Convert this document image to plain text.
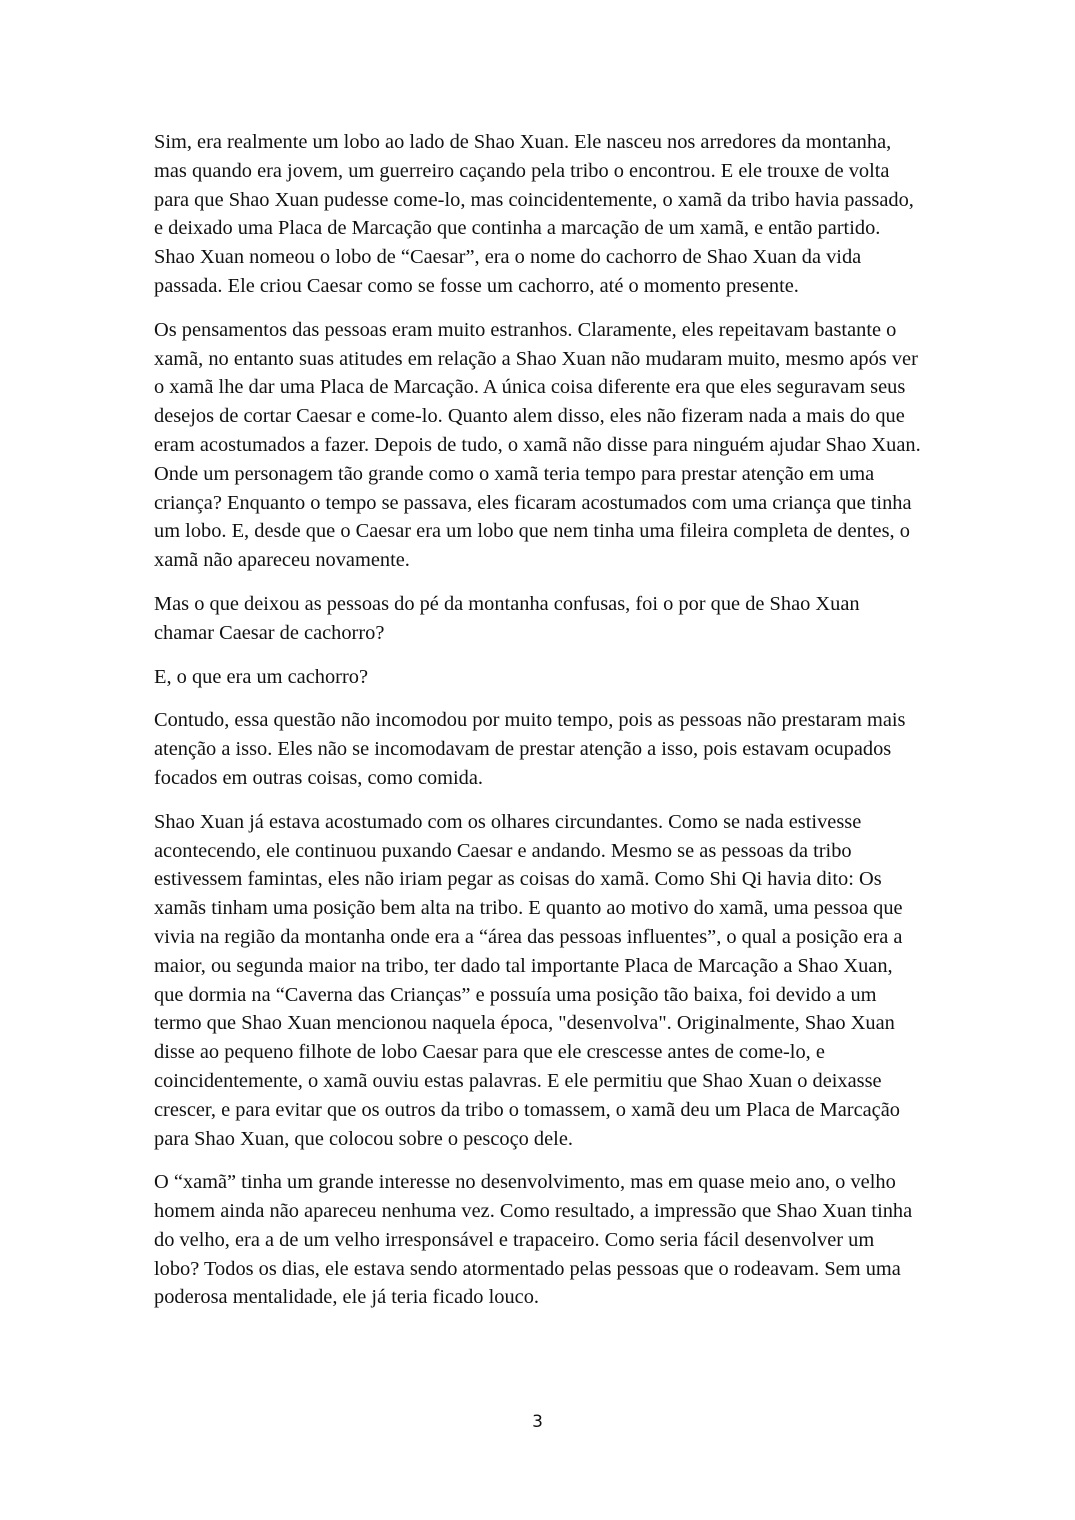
Sim, era realmente um lobo ao lado de Shao Xuan. Ele nasceu nos arredores da montanha, mas quando era jovem, um guerreiro caçando pela tribo o encontrou. E ele trouxe de volta para que Shao Xuan pudesse come-lo, mas coincidentemente, o xamã da tribo havia passado, e deixado uma Placa de Marcação que continha a marcação de um xamã, e então partido. Shao Xuan nomeou o lobo de “Caesar”, era o nome do cachorro de Shao Xuan da vida passada. Ele criou Caesar como se fosse um cachorro, até o momento presente.

Os pensamentos das pessoas eram muito estranhos. Claramente, eles repeitavam bastante o xamã, no entanto suas atitudes em relação a Shao Xuan não mudaram muito, mesmo após ver o xamã lhe dar uma Placa de Marcação. A única coisa diferente era que eles seguravam seus desejos de cortar Caesar e come-lo. Quanto alem disso, eles não fizeram nada a mais do que eram acostumados a fazer. Depois de tudo, o xamã não disse para ninguém ajudar Shao Xuan. Onde um personagem tão grande como o xamã teria tempo para prestar atenção em uma criança? Enquanto o tempo se passava, eles ficaram acostumados com uma criança que tinha um lobo. E, desde que o Caesar era um lobo que nem tinha uma fileira completa de dentes, o xamã não apareceu novamente.

Mas o que deixou as pessoas do pé da montanha confusas, foi o por que de Shao Xuan chamar Caesar de cachorro?

E, o que era um cachorro?

Contudo, essa questão não incomodou por muito tempo, pois as pessoas não prestaram mais atenção a isso. Eles não se incomodavam de prestar atenção a isso, pois estavam ocupados focados em outras coisas, como comida.

Shao Xuan já estava acostumado com os olhares circundantes. Como se nada estivesse acontecendo, ele continuou puxando Caesar e andando. Mesmo se as pessoas da tribo estivessem famintas, eles não iriam pegar as coisas do xamã. Como Shi Qi havia dito: Os xamãs tinham uma posição bem alta na tribo. E quanto ao motivo do xamã, uma pessoa que vivia na região da montanha onde era a “área das pessoas influentes”, o qual a posição era a maior, ou segunda maior na tribo, ter dado tal importante Placa de Marcação a Shao Xuan, que dormia na “Caverna das Crianças” e possuía uma posição tão baixa, foi devido a um termo que Shao Xuan mencionou naquela época, "desenvolva". Originalmente, Shao Xuan disse ao pequeno filhote de lobo Caesar para que ele crescesse antes de come-lo, e coincidentemente, o xamã ouviu estas palavras. E ele permitiu que Shao Xuan o deixasse crescer, e para evitar que os outros da tribo o tomassem, o xamã deu um Placa de Marcação para Shao Xuan, que colocou sobre o pescoço dele.

O “xamã” tinha um grande interesse no desenvolvimento, mas em quase meio ano, o velho homem ainda não apareceu nenhuma vez. Como resultado, a impressão que Shao Xuan tinha do velho, era a de um velho irresponsável e trapaceiro. Como seria fácil desenvolver um lobo? Todos os dias, ele estava sendo atormentado pelas pessoas que o rodeavam. Sem uma poderosa mentalidade, ele já teria ficado louco.

3
